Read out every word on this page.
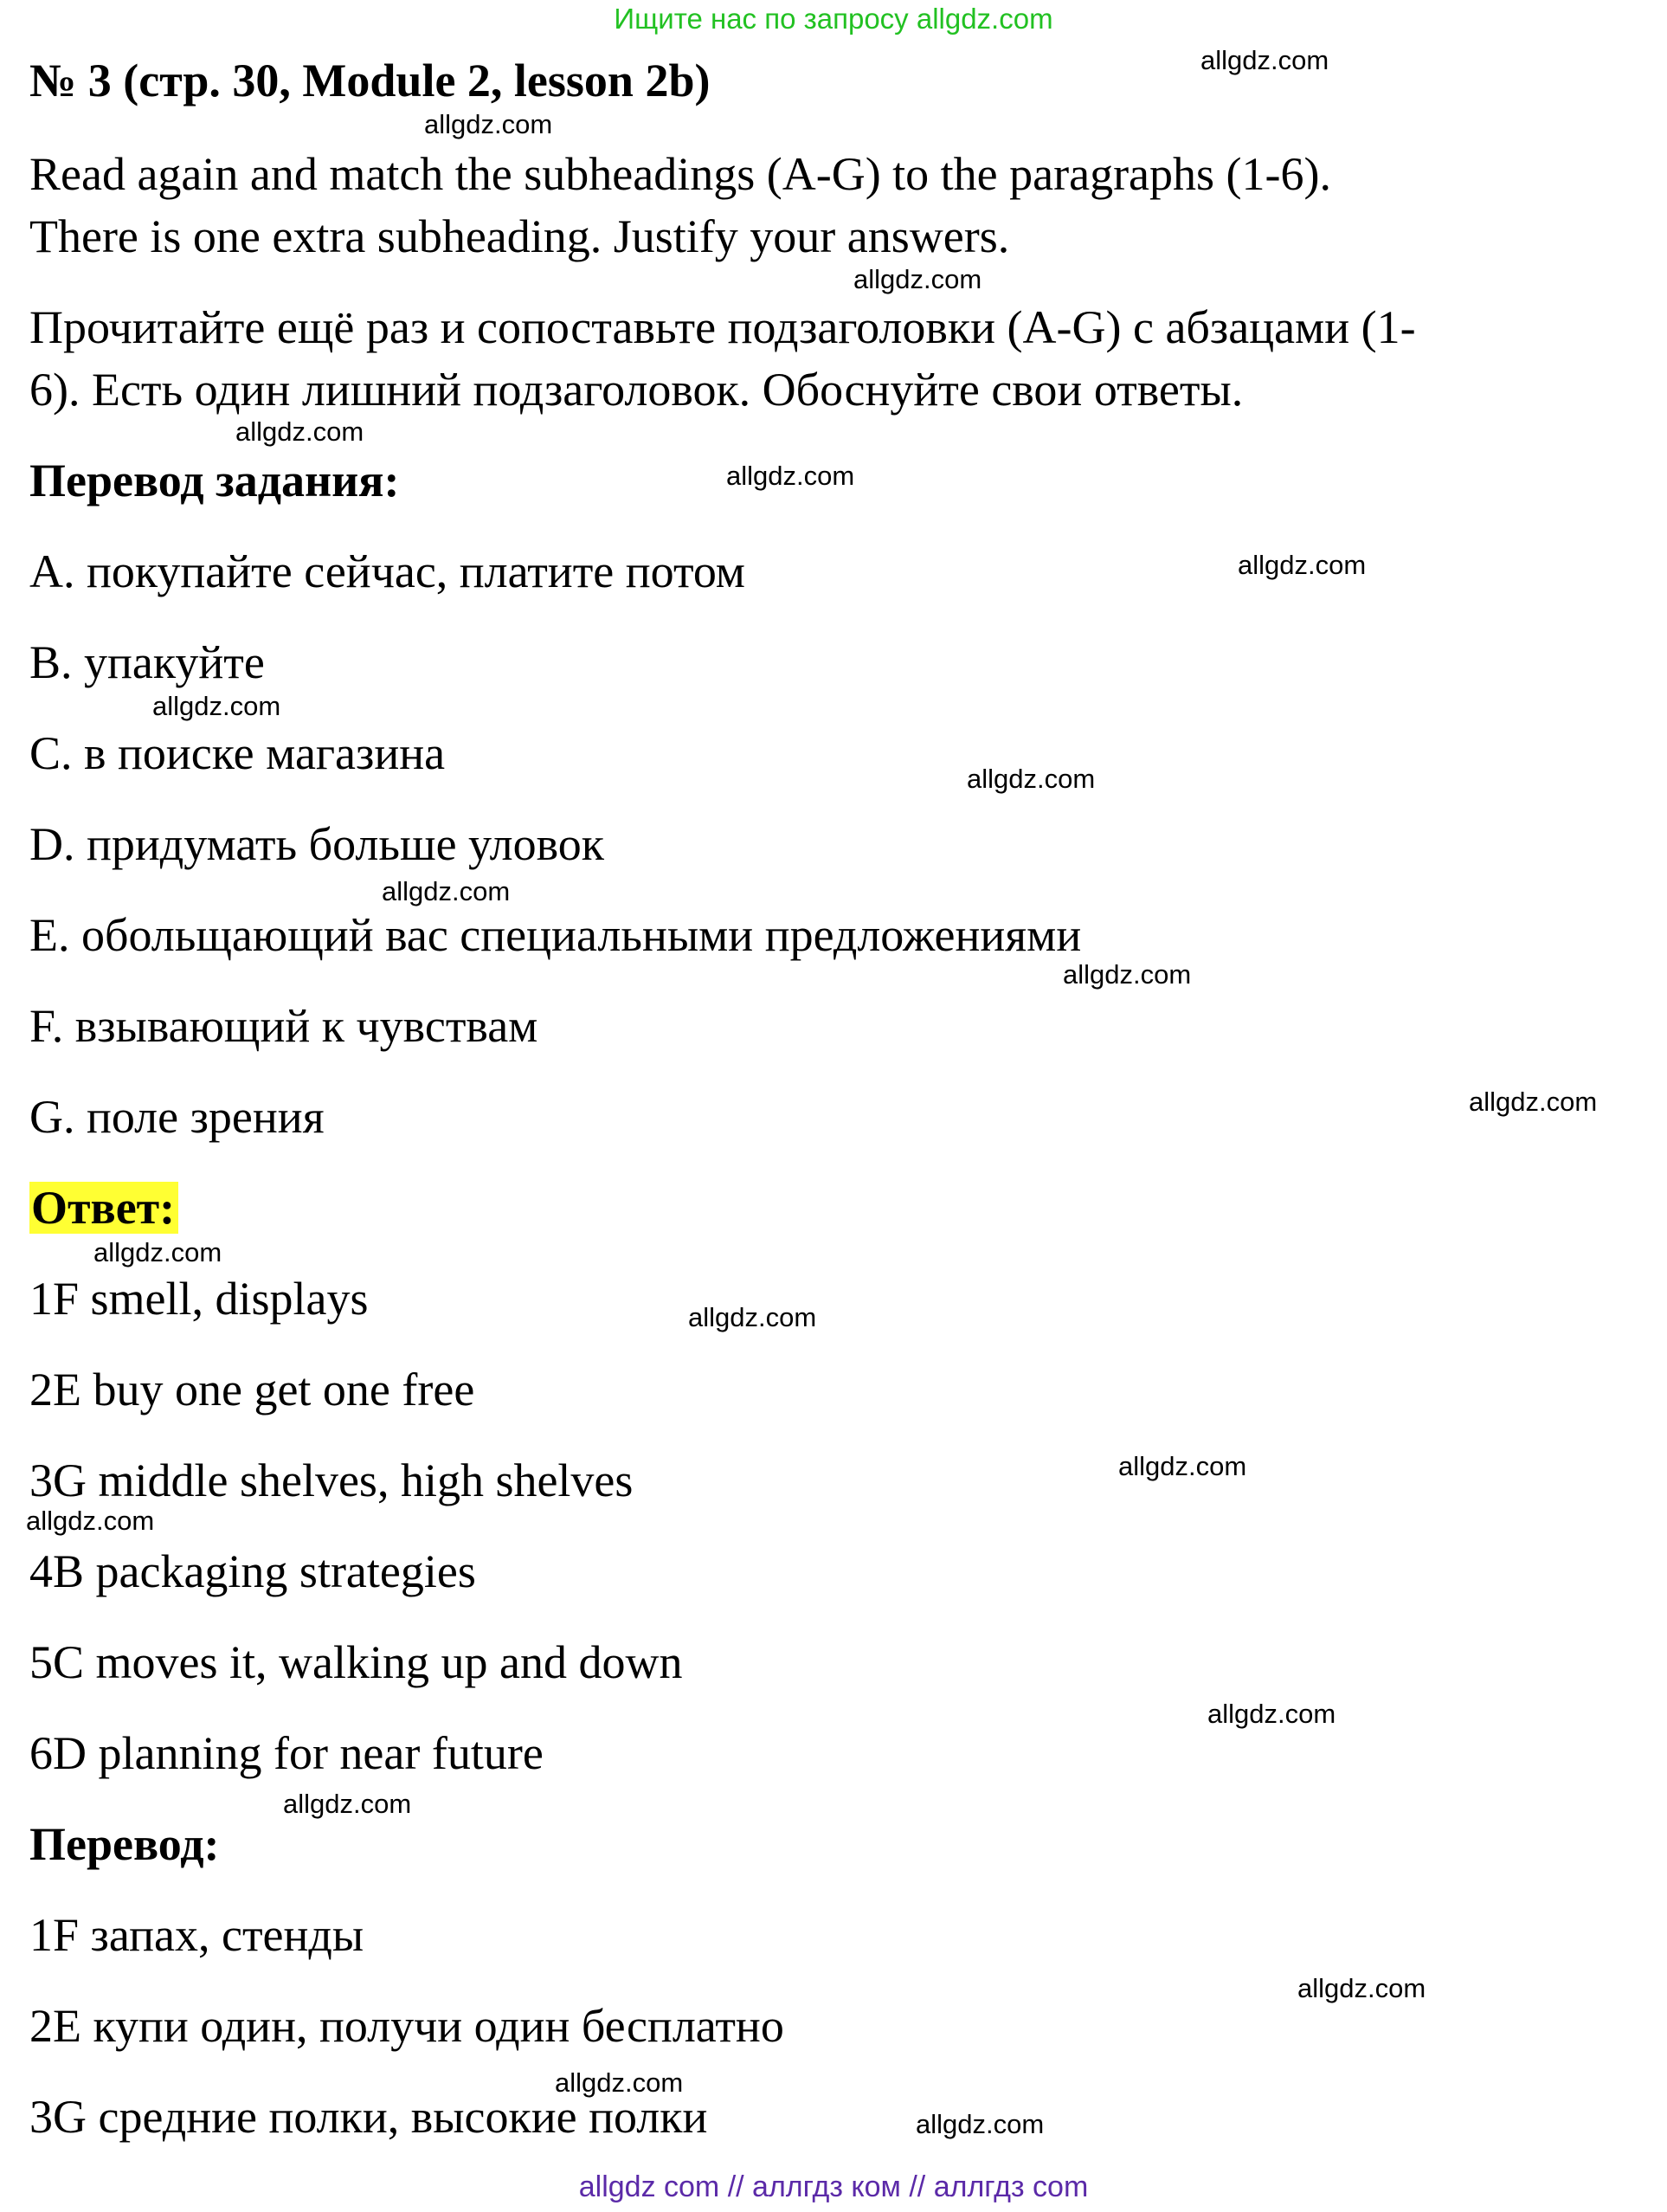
Ищите нас по запросу allgdz.com
№ 3 (стр. 30, Module 2, lesson 2b)
Read again and match the subheadings (A-G) to the paragraphs (1-6).
There is one extra subheading. Justify your answers.
Прочитайте ещё раз и сопоставьте подзаголовки (A-G) с абзацами (1-
6). Есть один лишний подзаголовок. Обоснуйте свои ответы.
Перевод задания:
A. покупайте сейчас, платите потом
B. упакуйте
C. в поиске магазина
D. придумать больше уловок
E. обольщающий вас специальными предложениями
F. взывающий к чувствам
G. поле зрения
Ответ:
1F smell, displays
2E buy one get one free
3G middle shelves, high shelves
4B packaging strategies
5C moves it, walking up and down
6D planning for near future
Перевод:
1F запах, стенды
2E купи один, получи один бесплатно
3G средние полки, высокие полки
allgdz.com
allgdz.com
allgdz.com
allgdz.com
allgdz.com
allgdz.com
allgdz.com
allgdz.com
allgdz.com
allgdz.com
allgdz.com
allgdz.com
allgdz.com
allgdz.com
allgdz.com
allgdz.com
allgdz.com
allgdz.com
allgdz.com
allgdz.com
allgdz com // аллгдз ком // аллгдз com
